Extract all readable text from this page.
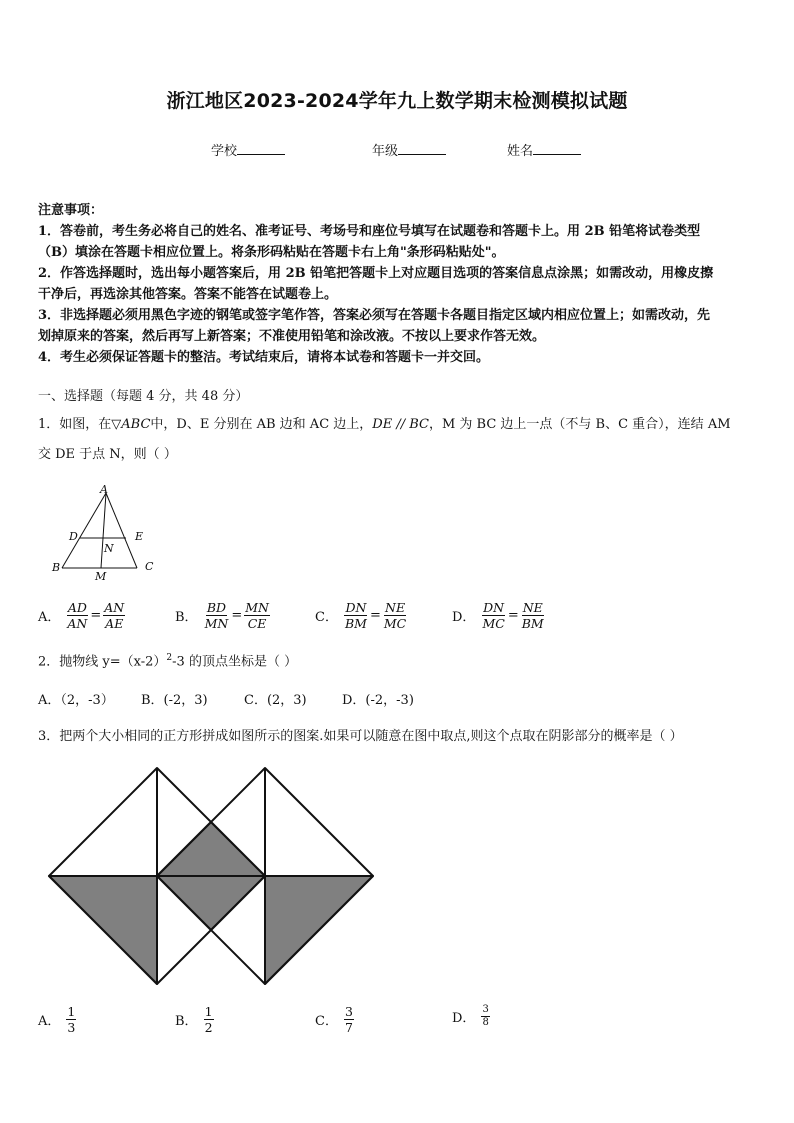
浙江地区2023-2024学年九上数学期末检测模拟试题
学校	年级	姓名
注意事项：
1．答卷前，考生务必将自己的姓名、准考证号、考场号和座位号填写在试题卷和答题卡上。用 2B 铅笔将试卷类型
（B）填涂在答题卡相应位置上。将条形码粘贴在答题卡右上角"条形码粘贴处"。
2．作答选择题时，选出每小题答案后，用 2B 铅笔把答题卡上对应题目选项的答案信息点涂黑；如需改动，用橡皮擦
干净后，再选涂其他答案。答案不能答在试题卷上。
3．非选择题必须用黑色字迹的钢笔或签字笔作答，答案必须写在答题卡各题目指定区域内相应位置上；如需改动，先
划掉原来的答案，然后再写上新答案；不准使用铅笔和涂改液。不按以上要求作答无效。
4．考生必须保证答题卡的整洁。考试结束后，请将本试卷和答题卡一并交回。
一、选择题（每题 4 分，共 48 分）
1．如图，在▽ABC中，D、E 分别在 AB 边和 AC 边上，DE // BC，M 为 BC 边上一点（不与 B、C 重合），连结 AM
交 DE 于点 N，则（ ）
A
B	C
D	E
N
M
A． $\frac{AD}{AN} = \frac{AN}{AE}$	B． $\frac{BD}{MN} = \frac{MN}{CE}$	C． $\frac{DN}{BM} = \frac{NE}{MC}$	D． $\frac{DN}{MC} = \frac{NE}{BM}$
2．抛物线 $y=(x-2)^2-3$ 的顶点坐标是（ ）
A．（2，-3） B．(-2，3)	C．(2，3)	D．(-2，-3)
3．把两个大小相同的正方形拼成如图所示的图案.如果可以随意在图中取点,则这个点取在阴影部分的概率是（ ）
A． $\frac{1}{3}$	B． $\frac{1}{2}$	C． $\frac{3}{7}$	D． $\frac{3}{8}$
